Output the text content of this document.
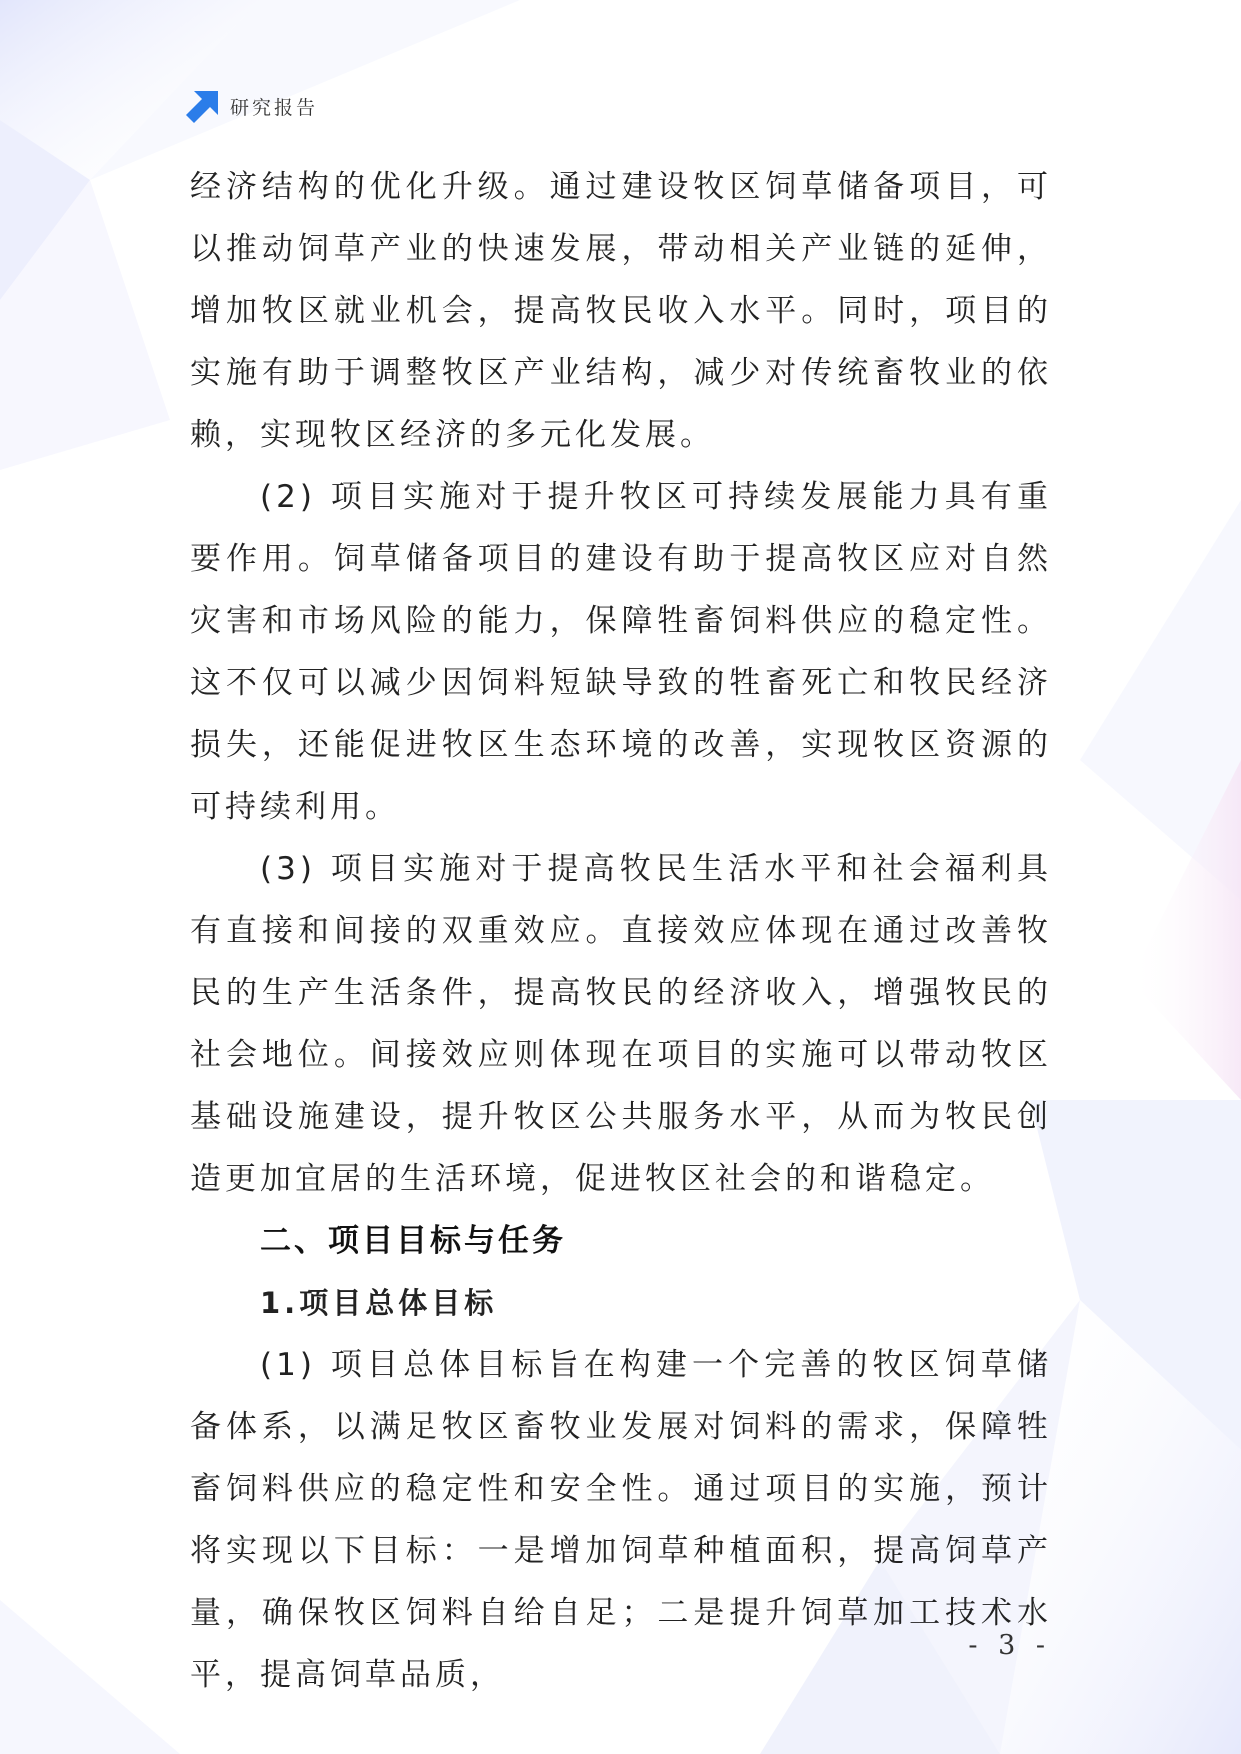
研究报告

经济结构的优化升级。通过建设牧区饲草储备项目，可以推动饲草产业的快速发展，带动相关产业链的延伸，增加牧区就业机会，提高牧民收入水平。同时，项目的实施有助于调整牧区产业结构，减少对传统畜牧业的依赖，实现牧区经济的多元化发展。

(2) 项目实施对于提升牧区可持续发展能力具有重要作用。饲草储备项目的建设有助于提高牧区应对自然灾害和市场风险的能力，保障牲畜饲料供应的稳定性。这不仅可以减少因饲料短缺导致的牲畜死亡和牧民经济损失，还能促进牧区生态环境的改善，实现牧区资源的可持续利用。

(3) 项目实施对于提高牧民生活水平和社会福利具有直接和间接的双重效应。直接效应体现在通过改善牧民的生产生活条件，提高牧民的经济收入，增强牧民的社会地位。间接效应则体现在项目的实施可以带动牧区基础设施建设，提升牧区公共服务水平，从而为牧民创造更加宜居的生活环境，促进牧区社会的和谐稳定。

二、项目目标与任务
1.项目总体目标

(1) 项目总体目标旨在构建一个完善的牧区饲草储备体系，以满足牧区畜牧业发展对饲料的需求，保障牲畜饲料供应的稳定性和安全性。通过项目的实施，预计将实现以下目标：一是增加饲草种植面积，提高饲草产量，确保牧区饲料自给自足；二是提升饲草加工技术水平，提高饲草品质，

- 3 -
